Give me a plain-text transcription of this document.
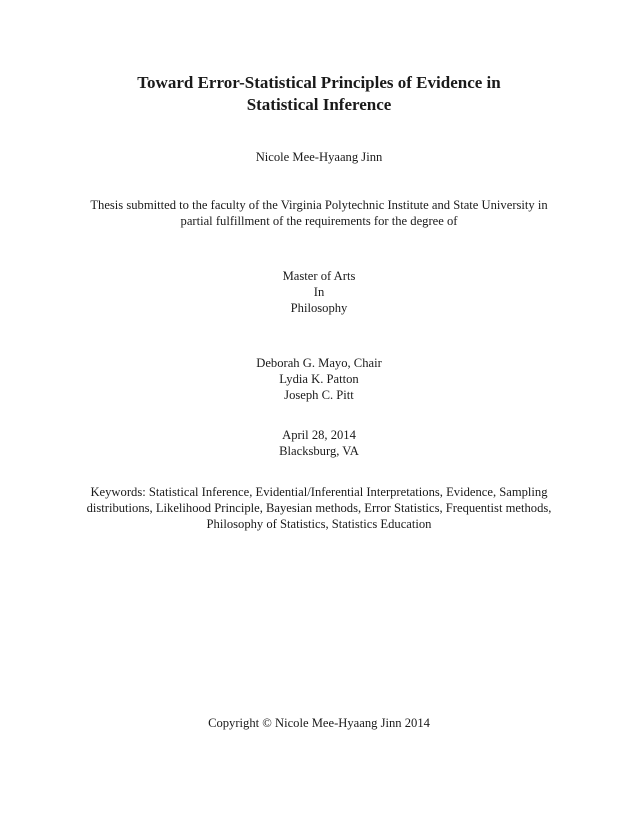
Toward Error-Statistical Principles of Evidence in
Statistical Inference
Nicole Mee-Hyaang Jinn
Thesis submitted to the faculty of the Virginia Polytechnic Institute and State University in
partial fulfillment of the requirements for the degree of
Master of Arts
In
Philosophy
Deborah G. Mayo, Chair
Lydia K. Patton
Joseph C. Pitt
April 28, 2014
Blacksburg, VA
Keywords: Statistical Inference, Evidential/Inferential Interpretations, Evidence, Sampling
distributions, Likelihood Principle, Bayesian methods, Error Statistics, Frequentist methods,
Philosophy of Statistics, Statistics Education
Copyright © Nicole Mee-Hyaang Jinn 2014
